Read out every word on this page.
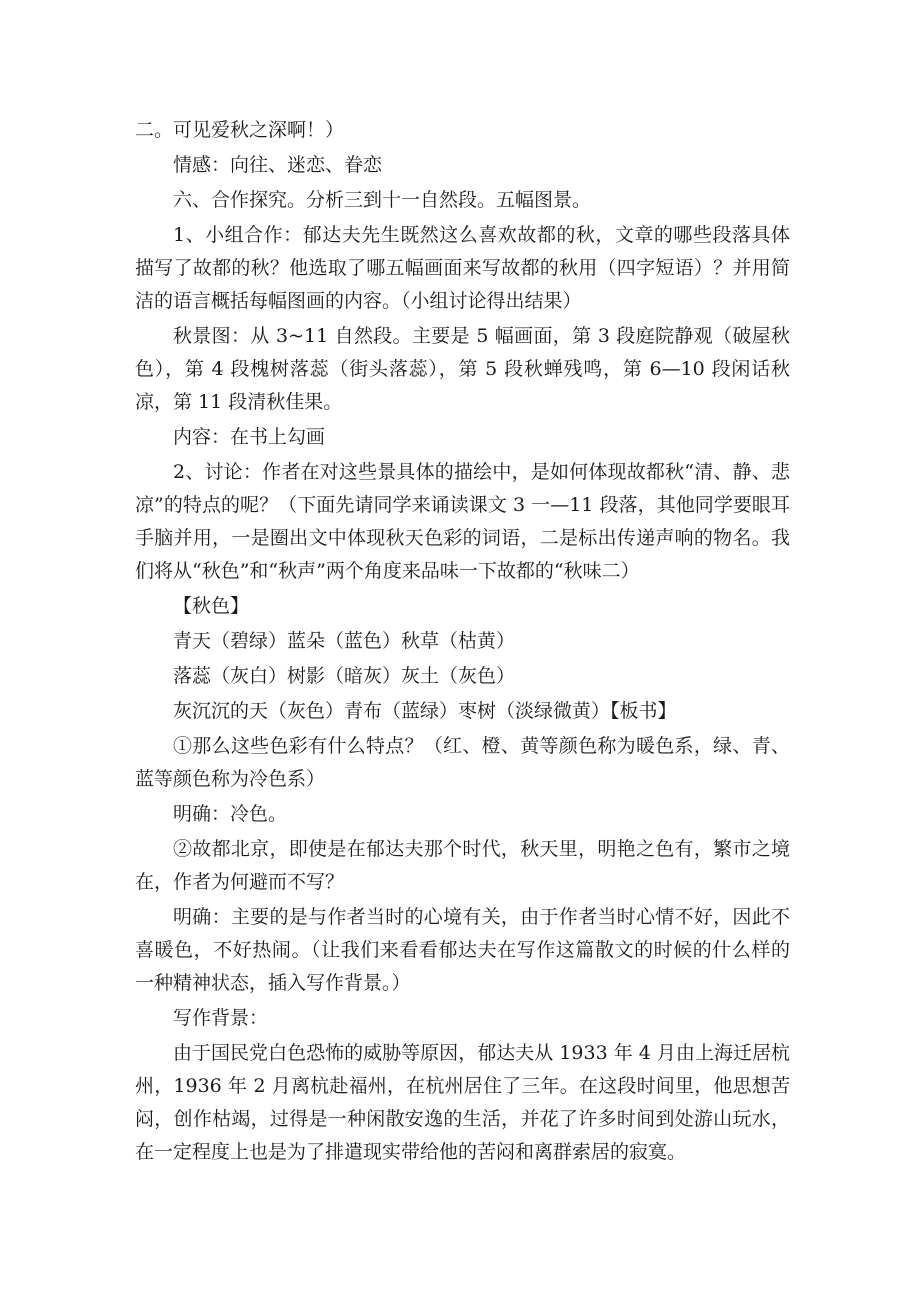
二。可见爱秋之深啊！）

情感：向往、迷恋、眷恋

六、合作探究。分析三到十一自然段。五幅图景。

1、小组合作：郁达夫先生既然这么喜欢故都的秋，文章的哪些段落具体描写了故都的秋？他选取了哪五幅画面来写故都的秋用（四字短语）？并用简洁的语言概括每幅图画的内容。（小组讨论得出结果）

秋景图：从 3~11 自然段。主要是 5 幅画面，第 3 段庭院静观（破屋秋色），第 4 段槐树落蕊（街头落蕊），第 5 段秋蝉残鸣，第 6—10 段闲话秋凉，第 11 段清秋佳果。

内容：在书上勾画

2、讨论：作者在对这些景具体的描绘中，是如何体现故都秋“清、静、悲凉”的特点的呢？（下面先请同学来诵读课文 3 一—11 段落，其他同学要眼耳手脑并用，一是圈出文中体现秋天色彩的词语，二是标出传递声响的物名。我们将从“秋色”和“秋声”两个角度来品味一下故都的“秋味二）

【秋色】

青天（碧绿）蓝朵（蓝色）秋草（枯黄）

落蕊（灰白）树影（暗灰）灰土（灰色）

灰沉沉的天（灰色）青布（蓝绿）枣树（淡绿微黄）【板书】

①那么这些色彩有什么特点？（红、橙、黄等颜色称为暖色系，绿、青、蓝等颜色称为冷色系）

明确：冷色。

②故都北京，即使是在郁达夫那个时代，秋天里，明艳之色有，繁市之境在，作者为何避而不写？

明确：主要的是与作者当时的心境有关，由于作者当时心情不好，因此不喜暖色，不好热闹。（让我们来看看郁达夫在写作这篇散文的时候的什么样的一种精神状态，插入写作背景。）

写作背景：

由于国民党白色恐怖的威胁等原因，郁达夫从 1933 年 4 月由上海迁居杭州，1936 年 2 月离杭赴福州，在杭州居住了三年。在这段时间里，他思想苦闷，创作枯竭，过得是一种闲散安逸的生活，并花了许多时间到处游山玩水，在一定程度上也是为了排遣现实带给他的苦闷和离群索居的寂寞。
